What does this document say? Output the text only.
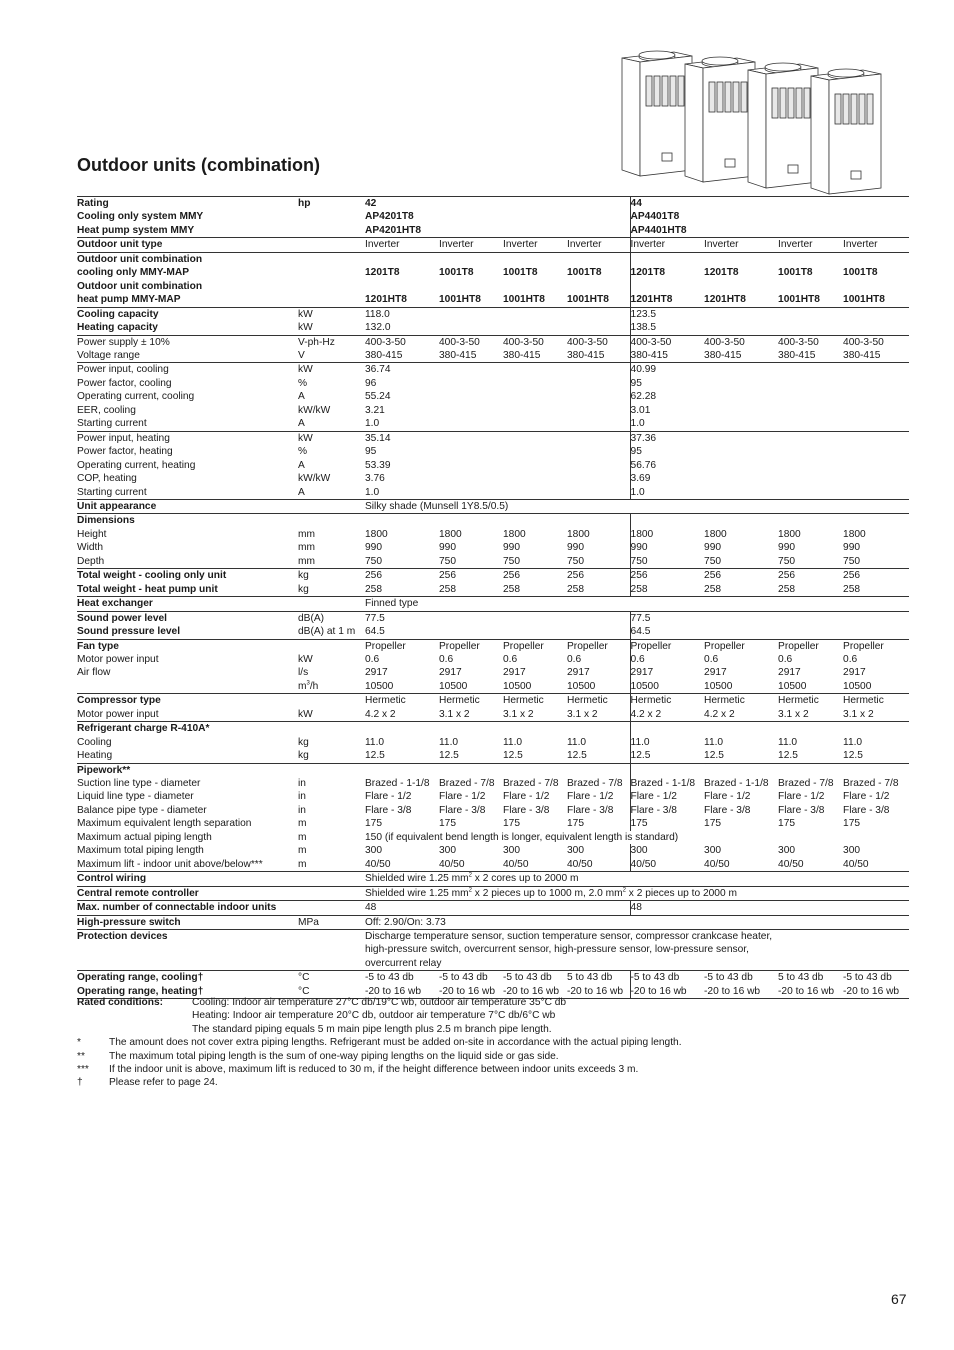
Outdoor units (combination)
Rating	hp	42				44			
Cooling only system MMY		AP4201T8				AP4401T8			
Heat pump system MMY		AP4201HT8				AP4401HT8			
Outdoor unit type		Inverter	Inverter	Inverter	Inverter	Inverter	Inverter	Inverter	Inverter
Outdoor unit combination									
cooling only MMY-MAP		1201T8	1001T8	1001T8	1001T8	1201T8	1201T8	1001T8	1001T8
Outdoor unit combination									
heat pump MMY-MAP		1201HT8	1001HT8	1001HT8	1001HT8	1201HT8	1201HT8	1001HT8	1001HT8
Cooling capacity	kW	118.0				123.5			
Heating capacity	kW	132.0				138.5			
Power supply ± 10%	V-ph-Hz	400-3-50	400-3-50	400-3-50	400-3-50	400-3-50	400-3-50	400-3-50	400-3-50
Voltage range	V	380-415	380-415	380-415	380-415	380-415	380-415	380-415	380-415
Power input, cooling	kW	36.74				40.99			
Power factor, cooling	%	96				95			
Operating current, cooling	A	55.24				62.28			
EER, cooling	kW/kW	3.21				3.01			
Starting current	A	1.0				1.0			
Power input, heating	kW	35.14				37.36			
Power factor, heating	%	95				95			
Operating current, heating	A	53.39				56.76			
COP, heating	kW/kW	3.76				3.69			
Starting current	A	1.0				1.0			
Unit appearance		Silky shade (Munsell 1Y8.5/0.5)							
Dimensions									
Height	mm	1800	1800	1800	1800	1800	1800	1800	1800
Width	mm	990	990	990	990	990	990	990	990
Depth	mm	750	750	750	750	750	750	750	750
Total weight - cooling only unit	kg	256	256	256	256	256	256	256	256
Total weight - heat pump unit	kg	258	258	258	258	258	258	258	258
Heat exchanger		Finned type							
Sound power level	dB(A)	77.5				77.5			
Sound pressure level	dB(A) at 1 m	64.5				64.5			
Fan type		Propeller	Propeller	Propeller	Propeller	Propeller	Propeller	Propeller	Propeller
Motor power input	kW	0.6	0.6	0.6	0.6	0.6	0.6	0.6	0.6
Air flow	l/s	2917	2917	2917	2917	2917	2917	2917	2917
	$m^3/h$	10500	10500	10500	10500	10500	10500	10500	10500
Compressor type		Hermetic	Hermetic	Hermetic	Hermetic	Hermetic	Hermetic	Hermetic	Hermetic
Motor power input	kW	4.2 x 2	3.1 x 2	3.1 x 2	3.1 x 2	4.2 x 2	4.2 x 2	3.1 x 2	3.1 x 2
Refrigerant charge R-410A*									
Cooling	kg	11.0	11.0	11.0	11.0	11.0	11.0	11.0	11.0
Heating	kg	12.5	12.5	12.5	12.5	12.5	12.5	12.5	12.5
Pipework**									
Suction line type - diameter	in	Brazed - 1-1/8	Brazed - 7/8	Brazed - 7/8	Brazed - 7/8	Brazed - 1-1/8	Brazed - 1-1/8	Brazed - 7/8	Brazed - 7/8
Liquid line type - diameter	in	Flare - 1/2	Flare - 1/2	Flare - 1/2	Flare - 1/2	Flare - 1/2	Flare - 1/2	Flare - 1/2	Flare - 1/2
Balance pipe type - diameter	in	Flare - 3/8	Flare - 3/8	Flare - 3/8	Flare - 3/8	Flare - 3/8	Flare - 3/8	Flare - 3/8	Flare - 3/8
Maximum equivalent length separation	m	175	175	175	175	175	175	175	175
Maximum actual piping length	m	150 (if equivalent bend length is longer, equivalent length is standard)							
Maximum total piping length	m	300	300	300	300	300	300	300	300
Maximum lift - indoor unit above/below***	m	40/50	40/50	40/50	40/50	40/50	40/50	40/50	40/50
Control wiring		Shielded wire 1.25 $mm^2$ x 2 cores up to 2000 m							
Central remote controller		Shielded wire 1.25 $mm^2$ x 2 pieces up to 1000 m, 2.0 $mm^2$ x 2 pieces up to 2000 m							
Max. number of connectable indoor units		48				48			
High-pressure switch	MPa	Off: 2.90/On: 3.73							
Protection devices		Discharge temperature sensor, suction temperature sensor, compressor crankcase heater,							
		high-pressure switch, overcurrent sensor, high-pressure sensor, low-pressure sensor,							
		overcurrent relay							
Operating range, cooling†	°C	-5 to 43 db	-5 to 43 db	-5 to 43 db	5 to 43 db	-5 to 43 db	-5 to 43 db	5 to 43 db	-5 to 43 db
Operating range, heating†	°C	-20 to 16 wb	-20 to 16 wb	-20 to 16 wb	-20 to 16 wb	-20 to 16 wb	-20 to 16 wb	-20 to 16 wb	-20 to 16 wb
Rated conditions:	Cooling: Indoor air temperature 27°C db/19°C wb, outdoor air temperature 35°C db
Heating: Indoor air temperature 20°C db, outdoor air temperature 7°C db/6°C wb
The standard piping equals 5 m main pipe length plus 2.5 m branch pipe length.
*	The amount does not cover extra piping lengths. Refrigerant must be added on-site in accordance with the actual piping length.
**	The maximum total piping length is the sum of one-way piping lengths on the liquid side or gas side.
***	If the indoor unit is above, maximum lift is reduced to 30 m, if the height difference between indoor units exceeds 3 m.
†	Please refer to page 24.
67
